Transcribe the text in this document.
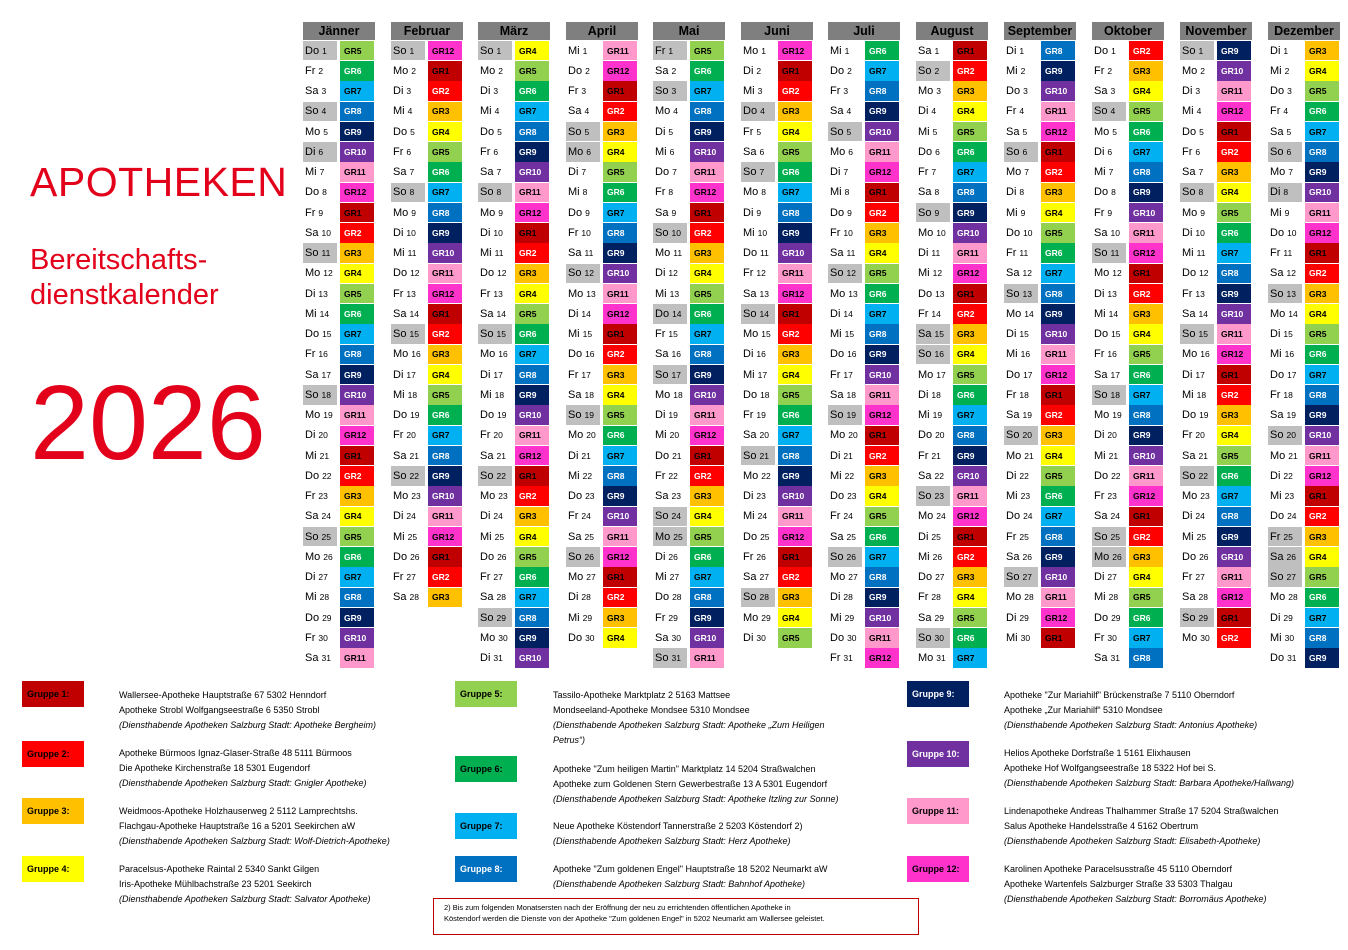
APOTHEKEN
Bereitschafts-
dienstkalender
2026
Jänner
Do 1	GR5
Fr 2	GR6
Sa 3	GR7
So 4	GR8
Mo 5	GR9
Di 6	GR10
Mi 7	GR11
Do 8	GR12
Fr 9	GR1
Sa 10	GR2
So 11	GR3
Mo 12	GR4
Di 13	GR5
Mi 14	GR6
Do 15	GR7
Fr 16	GR8
Sa 17	GR9
So 18	GR10
Mo 19	GR11
Di 20	GR12
Mi 21	GR1
Do 22	GR2
Fr 23	GR3
Sa 24	GR4
So 25	GR5
Mo 26	GR6
Di 27	GR7
Mi 28	GR8
Do 29	GR9
Fr 30	GR10
Sa 31	GR11
Februar
So 1	GR12
Mo 2	GR1
Di 3	GR2
Mi 4	GR3
Do 5	GR4
Fr 6	GR5
Sa 7	GR6
So 8	GR7
Mo 9	GR8
Di 10	GR9
Mi 11	GR10
Do 12	GR11
Fr 13	GR12
Sa 14	GR1
So 15	GR2
Mo 16	GR3
Di 17	GR4
Mi 18	GR5
Do 19	GR6
Fr 20	GR7
Sa 21	GR8
So 22	GR9
Mo 23	GR10
Di 24	GR11
Mi 25	GR12
Do 26	GR1
Fr 27	GR2
Sa 28	GR3
März
So 1	GR4
Mo 2	GR5
Di 3	GR6
Mi 4	GR7
Do 5	GR8
Fr 6	GR9
Sa 7	GR10
So 8	GR11
Mo 9	GR12
Di 10	GR1
Mi 11	GR2
Do 12	GR3
Fr 13	GR4
Sa 14	GR5
So 15	GR6
Mo 16	GR7
Di 17	GR8
Mi 18	GR9
Do 19	GR10
Fr 20	GR11
Sa 21	GR12
So 22	GR1
Mo 23	GR2
Di 24	GR3
Mi 25	GR4
Do 26	GR5
Fr 27	GR6
Sa 28	GR7
So 29	GR8
Mo 30	GR9
Di 31	GR10
April
Mi 1	GR11
Do 2	GR12
Fr 3	GR1
Sa 4	GR2
So 5	GR3
Mo 6	GR4
Di 7	GR5
Mi 8	GR6
Do 9	GR7
Fr 10	GR8
Sa 11	GR9
So 12	GR10
Mo 13	GR11
Di 14	GR12
Mi 15	GR1
Do 16	GR2
Fr 17	GR3
Sa 18	GR4
So 19	GR5
Mo 20	GR6
Di 21	GR7
Mi 22	GR8
Do 23	GR9
Fr 24	GR10
Sa 25	GR11
So 26	GR12
Mo 27	GR1
Di 28	GR2
Mi 29	GR3
Do 30	GR4
Mai
Fr 1	GR5
Sa 2	GR6
So 3	GR7
Mo 4	GR8
Di 5	GR9
Mi 6	GR10
Do 7	GR11
Fr 8	GR12
Sa 9	GR1
So 10	GR2
Mo 11	GR3
Di 12	GR4
Mi 13	GR5
Do 14	GR6
Fr 15	GR7
Sa 16	GR8
So 17	GR9
Mo 18	GR10
Di 19	GR11
Mi 20	GR12
Do 21	GR1
Fr 22	GR2
Sa 23	GR3
So 24	GR4
Mo 25	GR5
Di 26	GR6
Mi 27	GR7
Do 28	GR8
Fr 29	GR9
Sa 30	GR10
So 31	GR11
Juni
Mo 1	GR12
Di 2	GR1
Mi 3	GR2
Do 4	GR3
Fr 5	GR4
Sa 6	GR5
So 7	GR6
Mo 8	GR7
Di 9	GR8
Mi 10	GR9
Do 11	GR10
Fr 12	GR11
Sa 13	GR12
So 14	GR1
Mo 15	GR2
Di 16	GR3
Mi 17	GR4
Do 18	GR5
Fr 19	GR6
Sa 20	GR7
So 21	GR8
Mo 22	GR9
Di 23	GR10
Mi 24	GR11
Do 25	GR12
Fr 26	GR1
Sa 27	GR2
So 28	GR3
Mo 29	GR4
Di 30	GR5
Juli
Mi 1	GR6
Do 2	GR7
Fr 3	GR8
Sa 4	GR9
So 5	GR10
Mo 6	GR11
Di 7	GR12
Mi 8	GR1
Do 9	GR2
Fr 10	GR3
Sa 11	GR4
So 12	GR5
Mo 13	GR6
Di 14	GR7
Mi 15	GR8
Do 16	GR9
Fr 17	GR10
Sa 18	GR11
So 19	GR12
Mo 20	GR1
Di 21	GR2
Mi 22	GR3
Do 23	GR4
Fr 24	GR5
Sa 25	GR6
So 26	GR7
Mo 27	GR8
Di 28	GR9
Mi 29	GR10
Do 30	GR11
Fr 31	GR12
August
Sa 1	GR1
So 2	GR2
Mo 3	GR3
Di 4	GR4
Mi 5	GR5
Do 6	GR6
Fr 7	GR7
Sa 8	GR8
So 9	GR9
Mo 10	GR10
Di 11	GR11
Mi 12	GR12
Do 13	GR1
Fr 14	GR2
Sa 15	GR3
So 16	GR4
Mo 17	GR5
Di 18	GR6
Mi 19	GR7
Do 20	GR8
Fr 21	GR9
Sa 22	GR10
So 23	GR11
Mo 24	GR12
Di 25	GR1
Mi 26	GR2
Do 27	GR3
Fr 28	GR4
Sa 29	GR5
So 30	GR6
Mo 31	GR7
September
Di 1	GR8
Mi 2	GR9
Do 3	GR10
Fr 4	GR11
Sa 5	GR12
So 6	GR1
Mo 7	GR2
Di 8	GR3
Mi 9	GR4
Do 10	GR5
Fr 11	GR6
Sa 12	GR7
So 13	GR8
Mo 14	GR9
Di 15	GR10
Mi 16	GR11
Do 17	GR12
Fr 18	GR1
Sa 19	GR2
So 20	GR3
Mo 21	GR4
Di 22	GR5
Mi 23	GR6
Do 24	GR7
Fr 25	GR8
Sa 26	GR9
So 27	GR10
Mo 28	GR11
Di 29	GR12
Mi 30	GR1
Oktober
Do 1	GR2
Fr 2	GR3
Sa 3	GR4
So 4	GR5
Mo 5	GR6
Di 6	GR7
Mi 7	GR8
Do 8	GR9
Fr 9	GR10
Sa 10	GR11
So 11	GR12
Mo 12	GR1
Di 13	GR2
Mi 14	GR3
Do 15	GR4
Fr 16	GR5
Sa 17	GR6
So 18	GR7
Mo 19	GR8
Di 20	GR9
Mi 21	GR10
Do 22	GR11
Fr 23	GR12
Sa 24	GR1
So 25	GR2
Mo 26	GR3
Di 27	GR4
Mi 28	GR5
Do 29	GR6
Fr 30	GR7
Sa 31	GR8
November
So 1	GR9
Mo 2	GR10
Di 3	GR11
Mi 4	GR12
Do 5	GR1
Fr 6	GR2
Sa 7	GR3
So 8	GR4
Mo 9	GR5
Di 10	GR6
Mi 11	GR7
Do 12	GR8
Fr 13	GR9
Sa 14	GR10
So 15	GR11
Mo 16	GR12
Di 17	GR1
Mi 18	GR2
Do 19	GR3
Fr 20	GR4
Sa 21	GR5
So 22	GR6
Mo 23	GR7
Di 24	GR8
Mi 25	GR9
Do 26	GR10
Fr 27	GR11
Sa 28	GR12
So 29	GR1
Mo 30	GR2
Dezember
Di 1	GR3
Mi 2	GR4
Do 3	GR5
Fr 4	GR6
Sa 5	GR7
So 6	GR8
Mo 7	GR9
Di 8	GR10
Mi 9	GR11
Do 10	GR12
Fr 11	GR1
Sa 12	GR2
So 13	GR3
Mo 14	GR4
Di 15	GR5
Mi 16	GR6
Do 17	GR7
Fr 18	GR8
Sa 19	GR9
So 20	GR10
Mo 21	GR11
Di 22	GR12
Mi 23	GR1
Do 24	GR2
Fr 25	GR3
Sa 26	GR4
So 27	GR5
Mo 28	GR6
Di 29	GR7
Mi 30	GR8
Do 31	GR9
Gruppe 1:	Wallersee-Apotheke Hauptstraße 67 5302 Henndorf
Apotheke Strobl Wolfgangseestraße 6 5350 Strobl
(Diensthabende Apotheken Salzburg Stadt: Apotheke Bergheim)
Gruppe 2:	Apotheke Bürmoos Ignaz-Glaser-Straße 48 5111 Bürmoos
Die Apotheke Kirchenstraße 18 5301 Eugendorf
(Diensthabende Apotheken Salzburg Stadt: Gnigler Apotheke)
Gruppe 3:	Weidmoos-Apotheke Holzhauserweg 2 5112 Lamprechtshs.
Flachgau-Apotheke Hauptstraße 16 a 5201 Seekirchen aW
(Diensthabende Apotheken Salzburg Stadt: Wolf-Dietrich-Apotheke)
Gruppe 4:	Paracelsus-Apotheke Raintal 2 5340 Sankt Gilgen
Iris-Apotheke Mühlbachstraße 23 5201 Seekirch
(Diensthabende Apotheken Salzburg Stadt: Salvator Apotheke)
Gruppe 5:	Tassilo-Apotheke Marktplatz 2 5163 Mattsee
Mondseeland-Apotheke Mondsee 5310 Mondsee
(Diensthabende Apotheken Salzburg Stadt: Apotheke „Zum Heiligen
Petrus“)
Gruppe 6:	Apotheke "Zum heiligen Martin" Marktplatz 14 5204 Straßwalchen
Apotheke zum Goldenen Stern Gewerbestraße 13 A 5301 Eugendorf
(Diensthabende Apotheken Salzburg Stadt: Apotheke Itzling zur Sonne)
Gruppe 7:	Neue Apotheke Köstendorf Tannerstraße 2 5203 Köstendorf 2)
(Diensthabende Apotheken Salzburg Stadt: Herz Apotheke)
Gruppe 8:	Apotheke "Zum goldenen Engel" Hauptstraße 18 5202 Neumarkt aW
(Diensthabende Apotheken Salzburg Stadt: Bahnhof Apotheke)
Gruppe 9:	Apotheke "Zur Mariahilf" Brückenstraße 7 5110 Oberndorf
Apotheke „Zur Mariahilf“ 5310 Mondsee
(Diensthabende Apotheken Salzburg Stadt: Antonius Apotheke)
Gruppe 10:	Helios Apotheke Dorfstraße 1 5161 Elixhausen
Apotheke Hof Wolfgangseestraße 18 5322 Hof bei S.
(Diensthabende Apotheken Salzburg Stadt: Barbara Apotheke/Hallwang)
Gruppe 11:	Lindenapotheke Andreas Thalhammer Straße 17 5204 Straßwalchen
Salus Apotheke Handelsstraße 4 5162 Obertrum
(Diensthabende Apotheken Salzburg Stadt: Elisabeth-Apotheke)
Gruppe 12:	Karolinen Apotheke Paracelsusstraße 45 5110 Oberndorf
Apotheke Wartenfels Salzburger Straße 33 5303 Thalgau
(Diensthabende Apotheken Salzburg Stadt: Borromäus Apotheke)
2) Bis zum folgenden Monatsersten nach der Eröffnung der neu zu errichtenden öffentlichen Apotheke in
Köstendorf werden die Dienste von der Apotheke "Zum goldenen Engel" in 5202 Neumarkt am Wallersee geleistet.
